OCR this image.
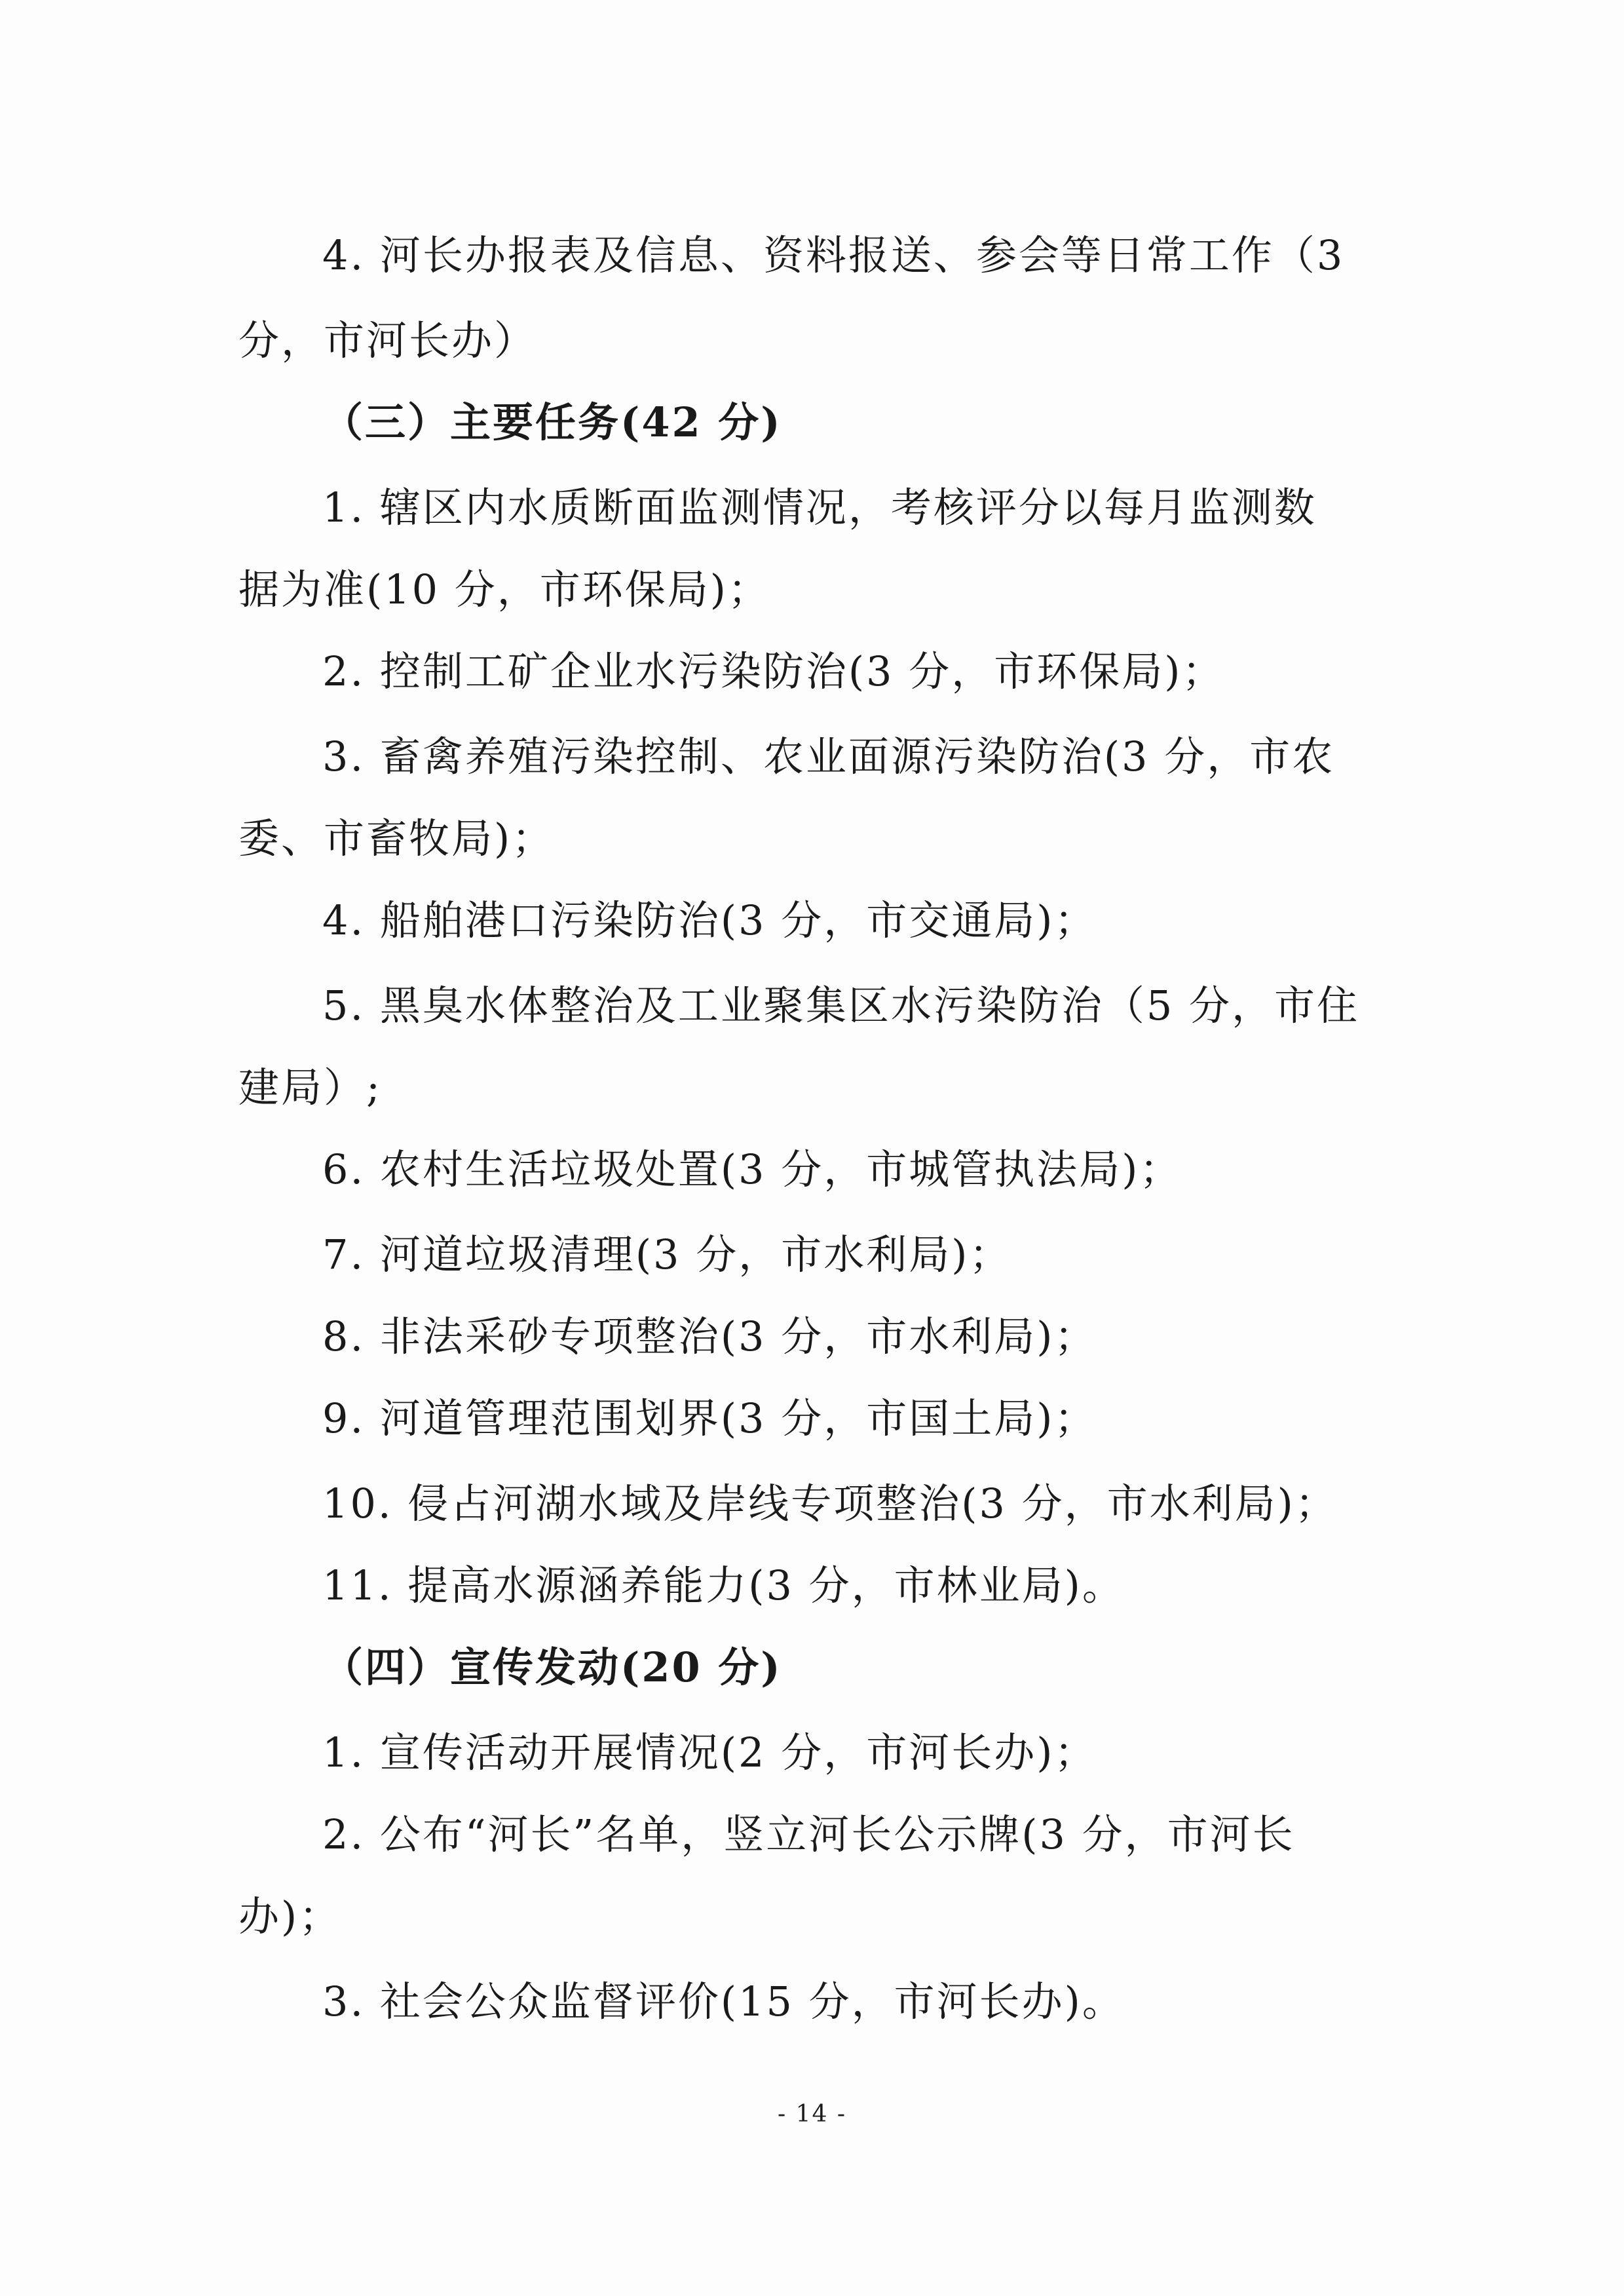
4. 河长办报表及信息、资料报送、参会等日常工作（3
分，市河长办）
（三）主要任务(42 分)
1. 辖区内水质断面监测情况，考核评分以每月监测数
据为准(10 分，市环保局)；
2. 控制工矿企业水污染防治(3 分，市环保局)；
3. 畜禽养殖污染控制、农业面源污染防治(3 分，市农
委、市畜牧局)；
4. 船舶港口污染防治(3 分，市交通局)；
5. 黑臭水体整治及工业聚集区水污染防治（5 分，市住
建局）;
6. 农村生活垃圾处置(3 分，市城管执法局)；
7. 河道垃圾清理(3 分，市水利局)；
8. 非法采砂专项整治(3 分，市水利局)；
9. 河道管理范围划界(3 分，市国土局)；
10. 侵占河湖水域及岸线专项整治(3 分，市水利局)；
11. 提高水源涵养能力(3 分，市林业局)。
（四）宣传发动(20 分)
1. 宣传活动开展情况(2 分，市河长办)；
2. 公布“河长”名单，竖立河长公示牌(3 分，市河长
办)；
3. 社会公众监督评价(15 分，市河长办)。
- 14 -
